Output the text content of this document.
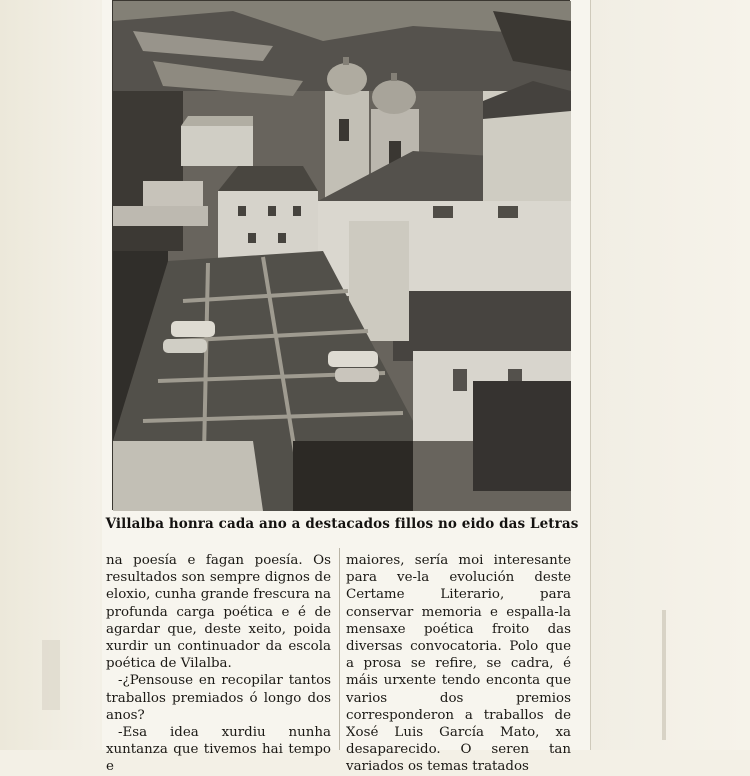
Villalba honra cada ano a destacados fillos no eido das Letras

na poesía e fagan poesía. Os resultados son sempre dignos de eloxio, cunha grande frescura na profunda carga poética e é de agardar que, deste xeito, poida xurdir un continuador da escola poética de Vilalba.

-¿Pensouse en recopilar tantos traballos premiados ó longo dos anos?

-Esa idea xurdiu nunha xuntanza que tivemos hai tempo e

maiores, sería moi interesante para ve-la evolución deste Certame Literario, para conservar memoria e espalla-la mensaxe poética froito das diversas convocatoria. Polo que a prosa se refire, se cadra, é máis urxente tendo enconta que varios dos premios corresponderon a traballos de Xosé Luis García Mato, xa desaparecido. O seren tan variados os temas tratados
